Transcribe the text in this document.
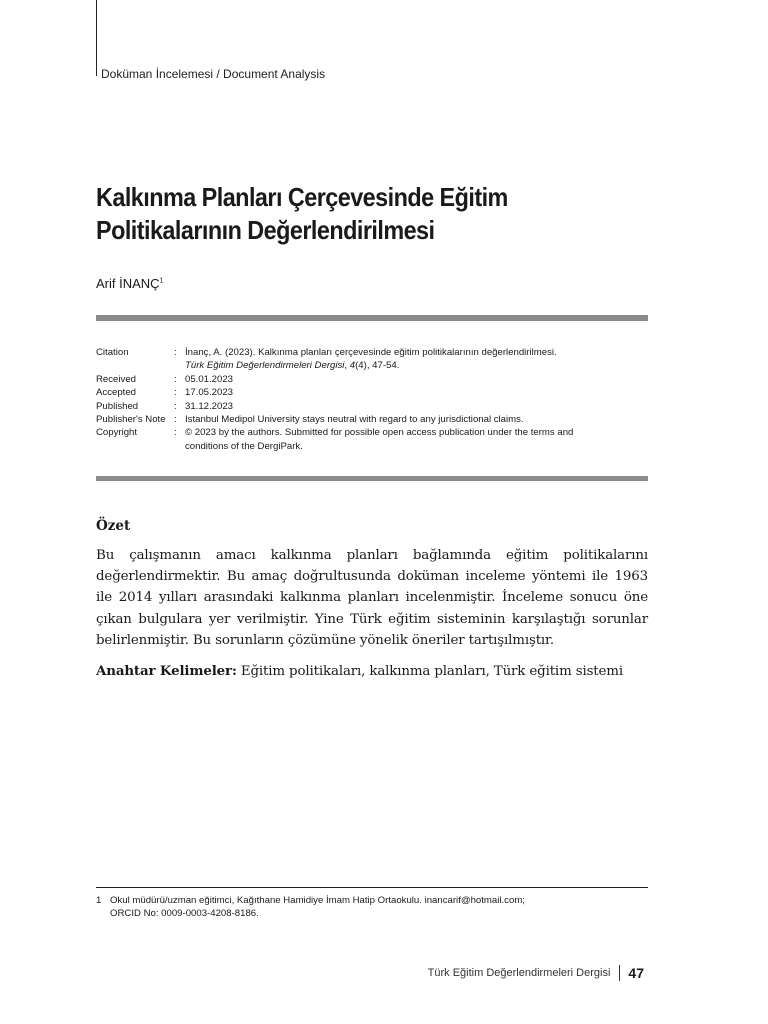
Doküman İncelemesi / Document Analysis
Kalkınma Planları Çerçevesinde Eğitim
Politikalarının Değerlendirilmesi
Arif İNANÇ$^1$
Citation	: İnanç, A. (2023). Kalkınma planları çerçevesinde eğitim politikalarının değerlendirilmesi.
Türk Eğitim Değerlendirmeleri Dergisi, 4(4), 47-54.
Received	: 05.01.2023
Accepted	: 17.05.2023
Published	: 31.12.2023
Publisher's Note : Istanbul Medipol University stays neutral with regard to any jurisdictional claims.
Copyright	: © 2023 by the authors. Submitted for possible open access publication under the terms and
conditions of the DergiPark.
Özet

Bu çalışmanın amacı kalkınma planları bağlamında eğitim politikalarını değerlendirmektir. Bu amaç doğrultusunda doküman inceleme yöntemi ile 1963 ile 2014 yılları arasındaki kalkınma planları incelenmiştir. İnceleme sonucu öne çıkan bulgulara yer verilmiştir. Yine Türk eğitim sisteminin karşılaştığı sorunlar belirlenmiştir. Bu sorunların çözümüne yönelik öneriler tartışılmıştır.

Anahtar Kelimeler: Eğitim politikaları, kalkınma planları, Türk eğitim sistemi

1 Okul müdürü/uzman eğitimci, Kağıthane Hamidiye İmam Hatip Ortaokulu. inancarif@hotmail.com;
ORCID No: 0009-0003-4208-8186.
Türk Eğitim Değerlendirmeleri Dergisi 47
